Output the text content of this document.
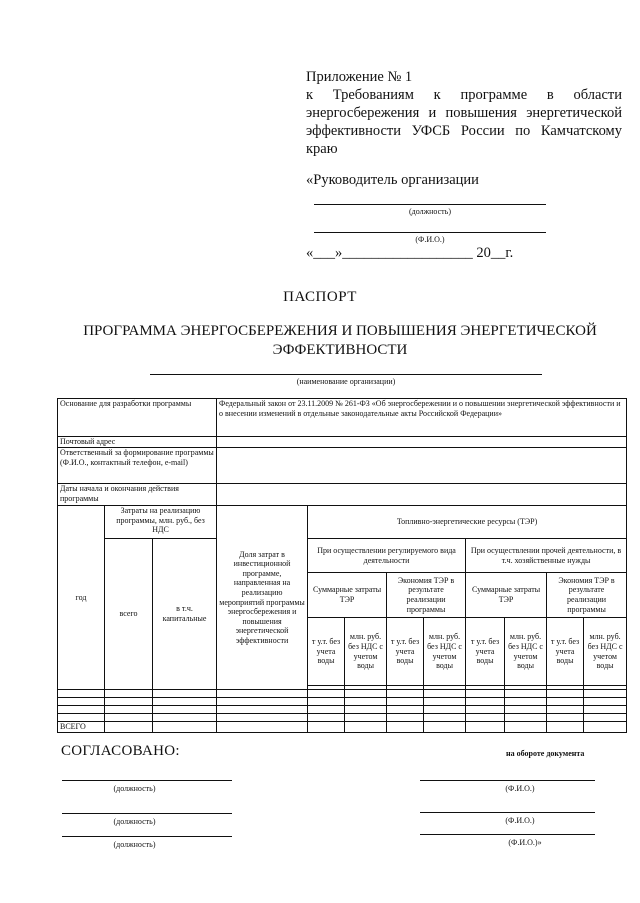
Приложение № 1
к Требованиям к программе в области
энергосбережения и повышения энергетической
эффективности УФСБ России по Камчатскому
краю
«Руководитель организации
(должность)
(Ф.И.О.)
«___»__________________ 20__г.
ПАСПОРТ
ПРОГРАММА ЭНЕРГОСБЕРЕЖЕНИЯ И ПОВЫШЕНИЯ ЭНЕРГЕТИЧЕСКОЙ
ЭФФЕКТИВНОСТИ
(наименование организации)
Основание для разработки программы			Федеральный закон от 23.11.2009 № 261-ФЗ «Об энергосбережении и о повышении энергетической эффективности и о внесении изменений в отдельные законодательные акты Российской Федерации»								
Почтовый адрес											
Ответственный за формирование программы (Ф.И.О., контактный телефон, e-mail)											
Даты начала и окончания действия программы											
год	Затраты на реализацию программы, млн. руб., без НДС		Доля затрат в инвестиционной программе, направленная на реализацию мероприятий программы энергосбережения и повышения энергетической эффективности	Топливно-энергетические ресурсы (ТЭР)							
	всего	в т.ч. капитальные		При осуществлении регулируемого вида деятельности				При осуществлении прочей деятельности, в т.ч. хозяйственные нужды			
				Суммарные затраты ТЭР		Экономия ТЭР в результате реализации программы		Суммарные затраты ТЭР		Экономия ТЭР в результате реализации программы	
				т у.т. без учета воды	млн. руб. без НДС с учетом воды	т у.т. без учета воды	млн. руб. без НДС с учетом воды	т у.т. без учета воды	млн. руб. без НДС с учетом воды	т у.т. без учета воды	млн. руб. без НДС с учетом воды

ВСЕГО											
СОГЛАСОВАНО:	на обороте документа
(должность)	(Ф.И.О.)
(должность)	(Ф.И.О.)
(должность)	(Ф.И.О.)»
